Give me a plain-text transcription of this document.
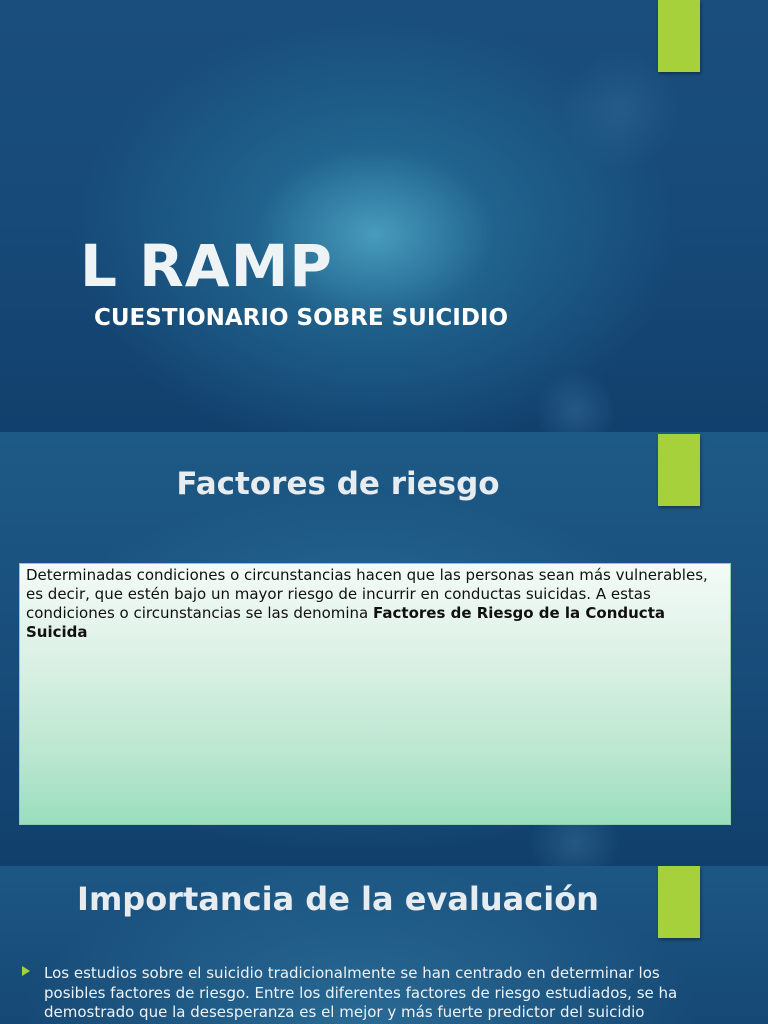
L RAMP
CUESTIONARIO SOBRE SUICIDIO
Factores de riesgo
Determinadas condiciones o circunstancias hacen que las personas sean más vulnerables, es decir, que estén bajo un mayor riesgo de incurrir en conductas suicidas. A estas condiciones o circunstancias se las denomina Factores de Riesgo de la Conducta Suicida
Importancia de la evaluación
Los estudios sobre el suicidio tradicionalmente se han centrado en determinar los posibles factores de riesgo. Entre los diferentes factores de riesgo estudiados, se ha demostrado que la desesperanza es el mejor y más fuerte predictor del suicidio
